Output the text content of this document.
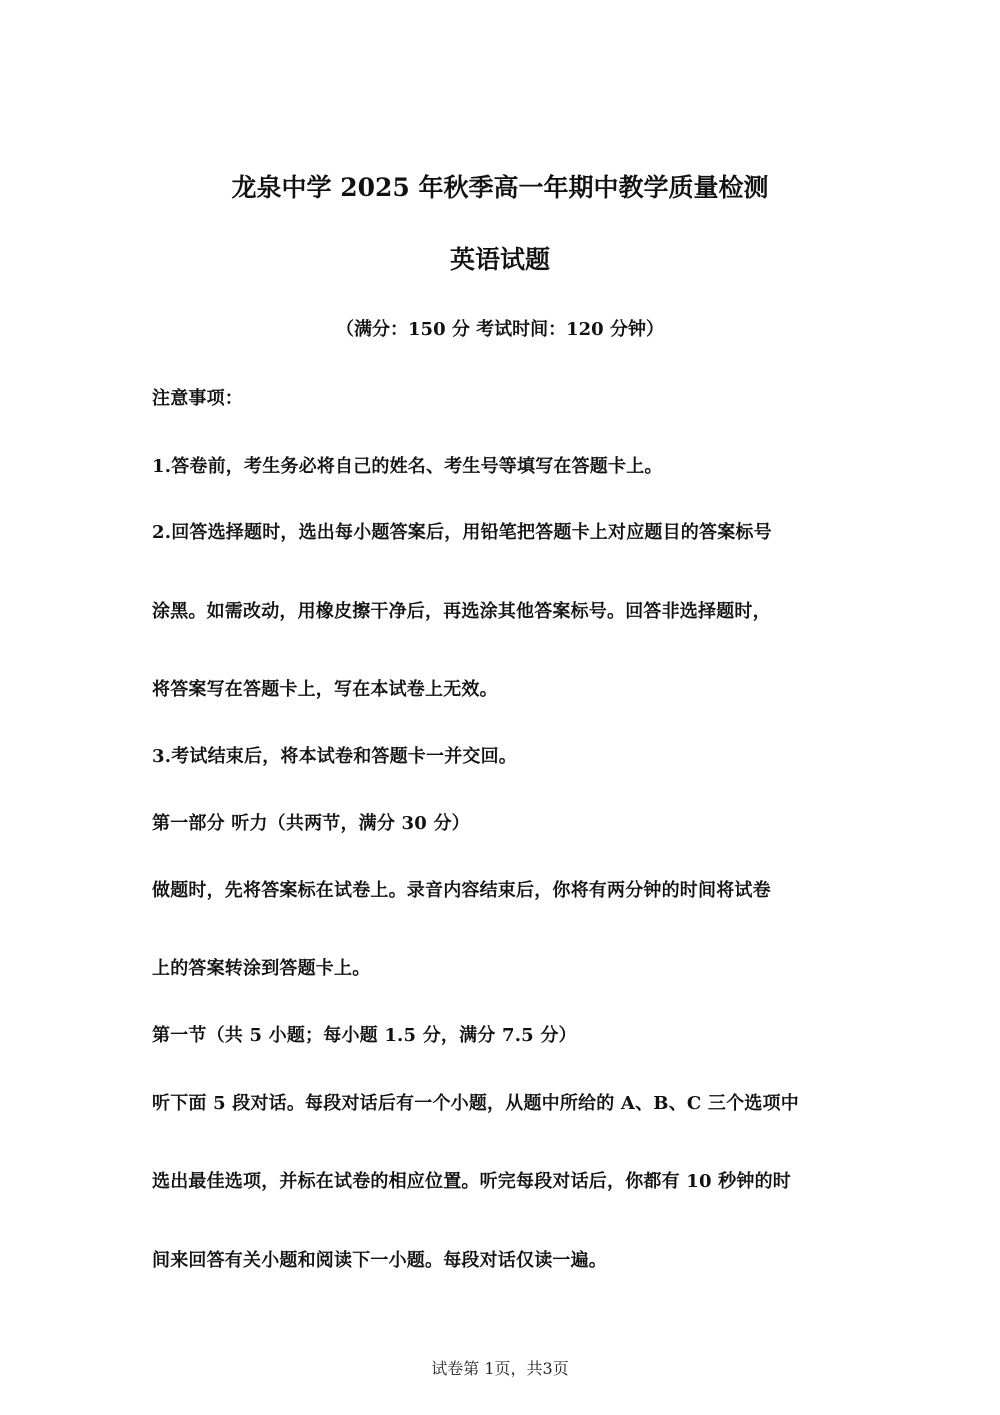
龙泉中学 2025 年秋季高一年期中教学质量检测
英语试题
（满分：150 分 考试时间：120 分钟）
注意事项：
1.答卷前，考生务必将自己的姓名、考生号等填写在答题卡上。
2.回答选择题时，选出每小题答案后，用铅笔把答题卡上对应题目的答案标号
涂黑。如需改动，用橡皮擦干净后，再选涂其他答案标号。回答非选择题时，
将答案写在答题卡上，写在本试卷上无效。
3.考试结束后，将本试卷和答题卡一并交回。
第一部分 听力（共两节，满分 30 分）
做题时，先将答案标在试卷上。录音内容结束后，你将有两分钟的时间将试卷
上的答案转涂到答题卡上。
第一节（共 5 小题；每小题 1.5 分，满分 7.5 分）
听下面 5 段对话。每段对话后有一个小题，从题中所给的 A、B、C 三个选项中
选出最佳选项，并标在试卷的相应位置。听完每段对话后，你都有 10 秒钟的时
间来回答有关小题和阅读下一小题。每段对话仅读一遍。
试卷第 1页，共3页
